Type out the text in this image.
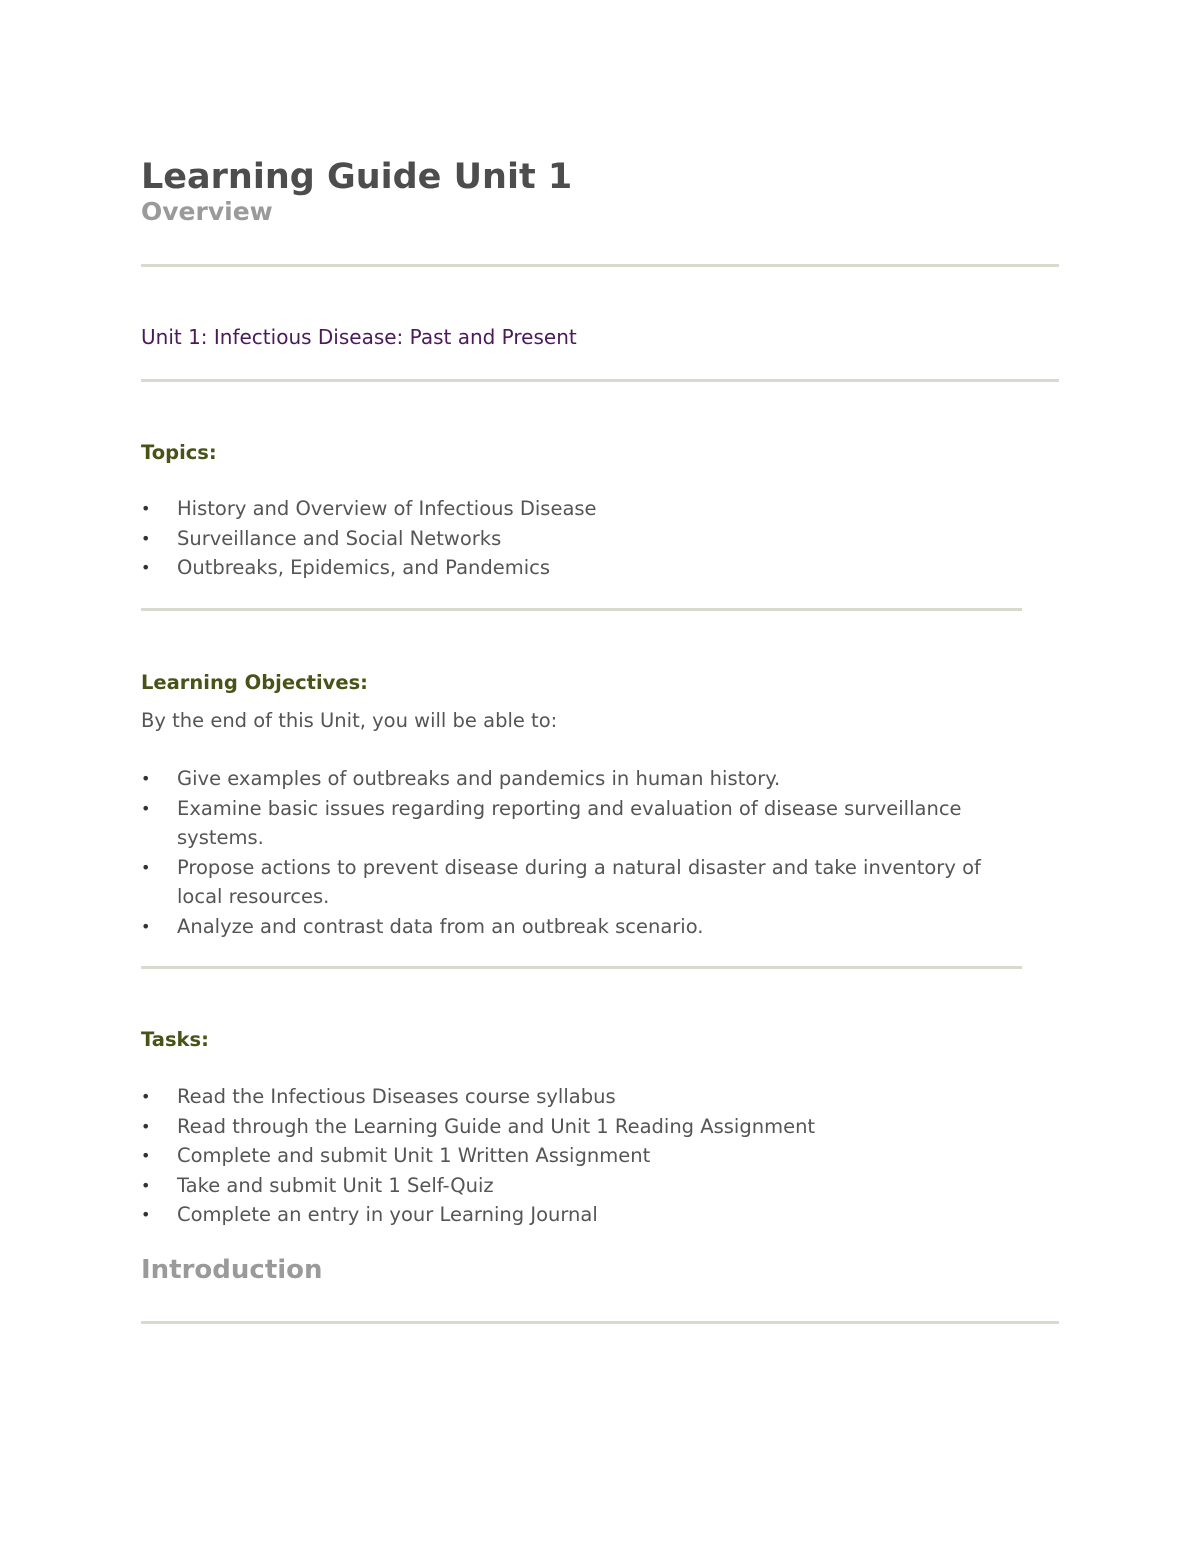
Learning Guide Unit 1
Overview
Unit 1: Infectious Disease: Past and Present
Topics:
• History and Overview of Infectious Disease
• Surveillance and Social Networks
• Outbreaks, Epidemics, and Pandemics
Learning Objectives:
By the end of this Unit, you will be able to:
• Give examples of outbreaks and pandemics in human history.
• Examine basic issues regarding reporting and evaluation of disease surveillance systems.
• Propose actions to prevent disease during a natural disaster and take inventory of local resources.
• Analyze and contrast data from an outbreak scenario.
Tasks:
• Read the Infectious Diseases course syllabus
• Read through the Learning Guide and Unit 1 Reading Assignment
• Complete and submit Unit 1 Written Assignment
• Take and submit Unit 1 Self-Quiz
• Complete an entry in your Learning Journal
Introduction
